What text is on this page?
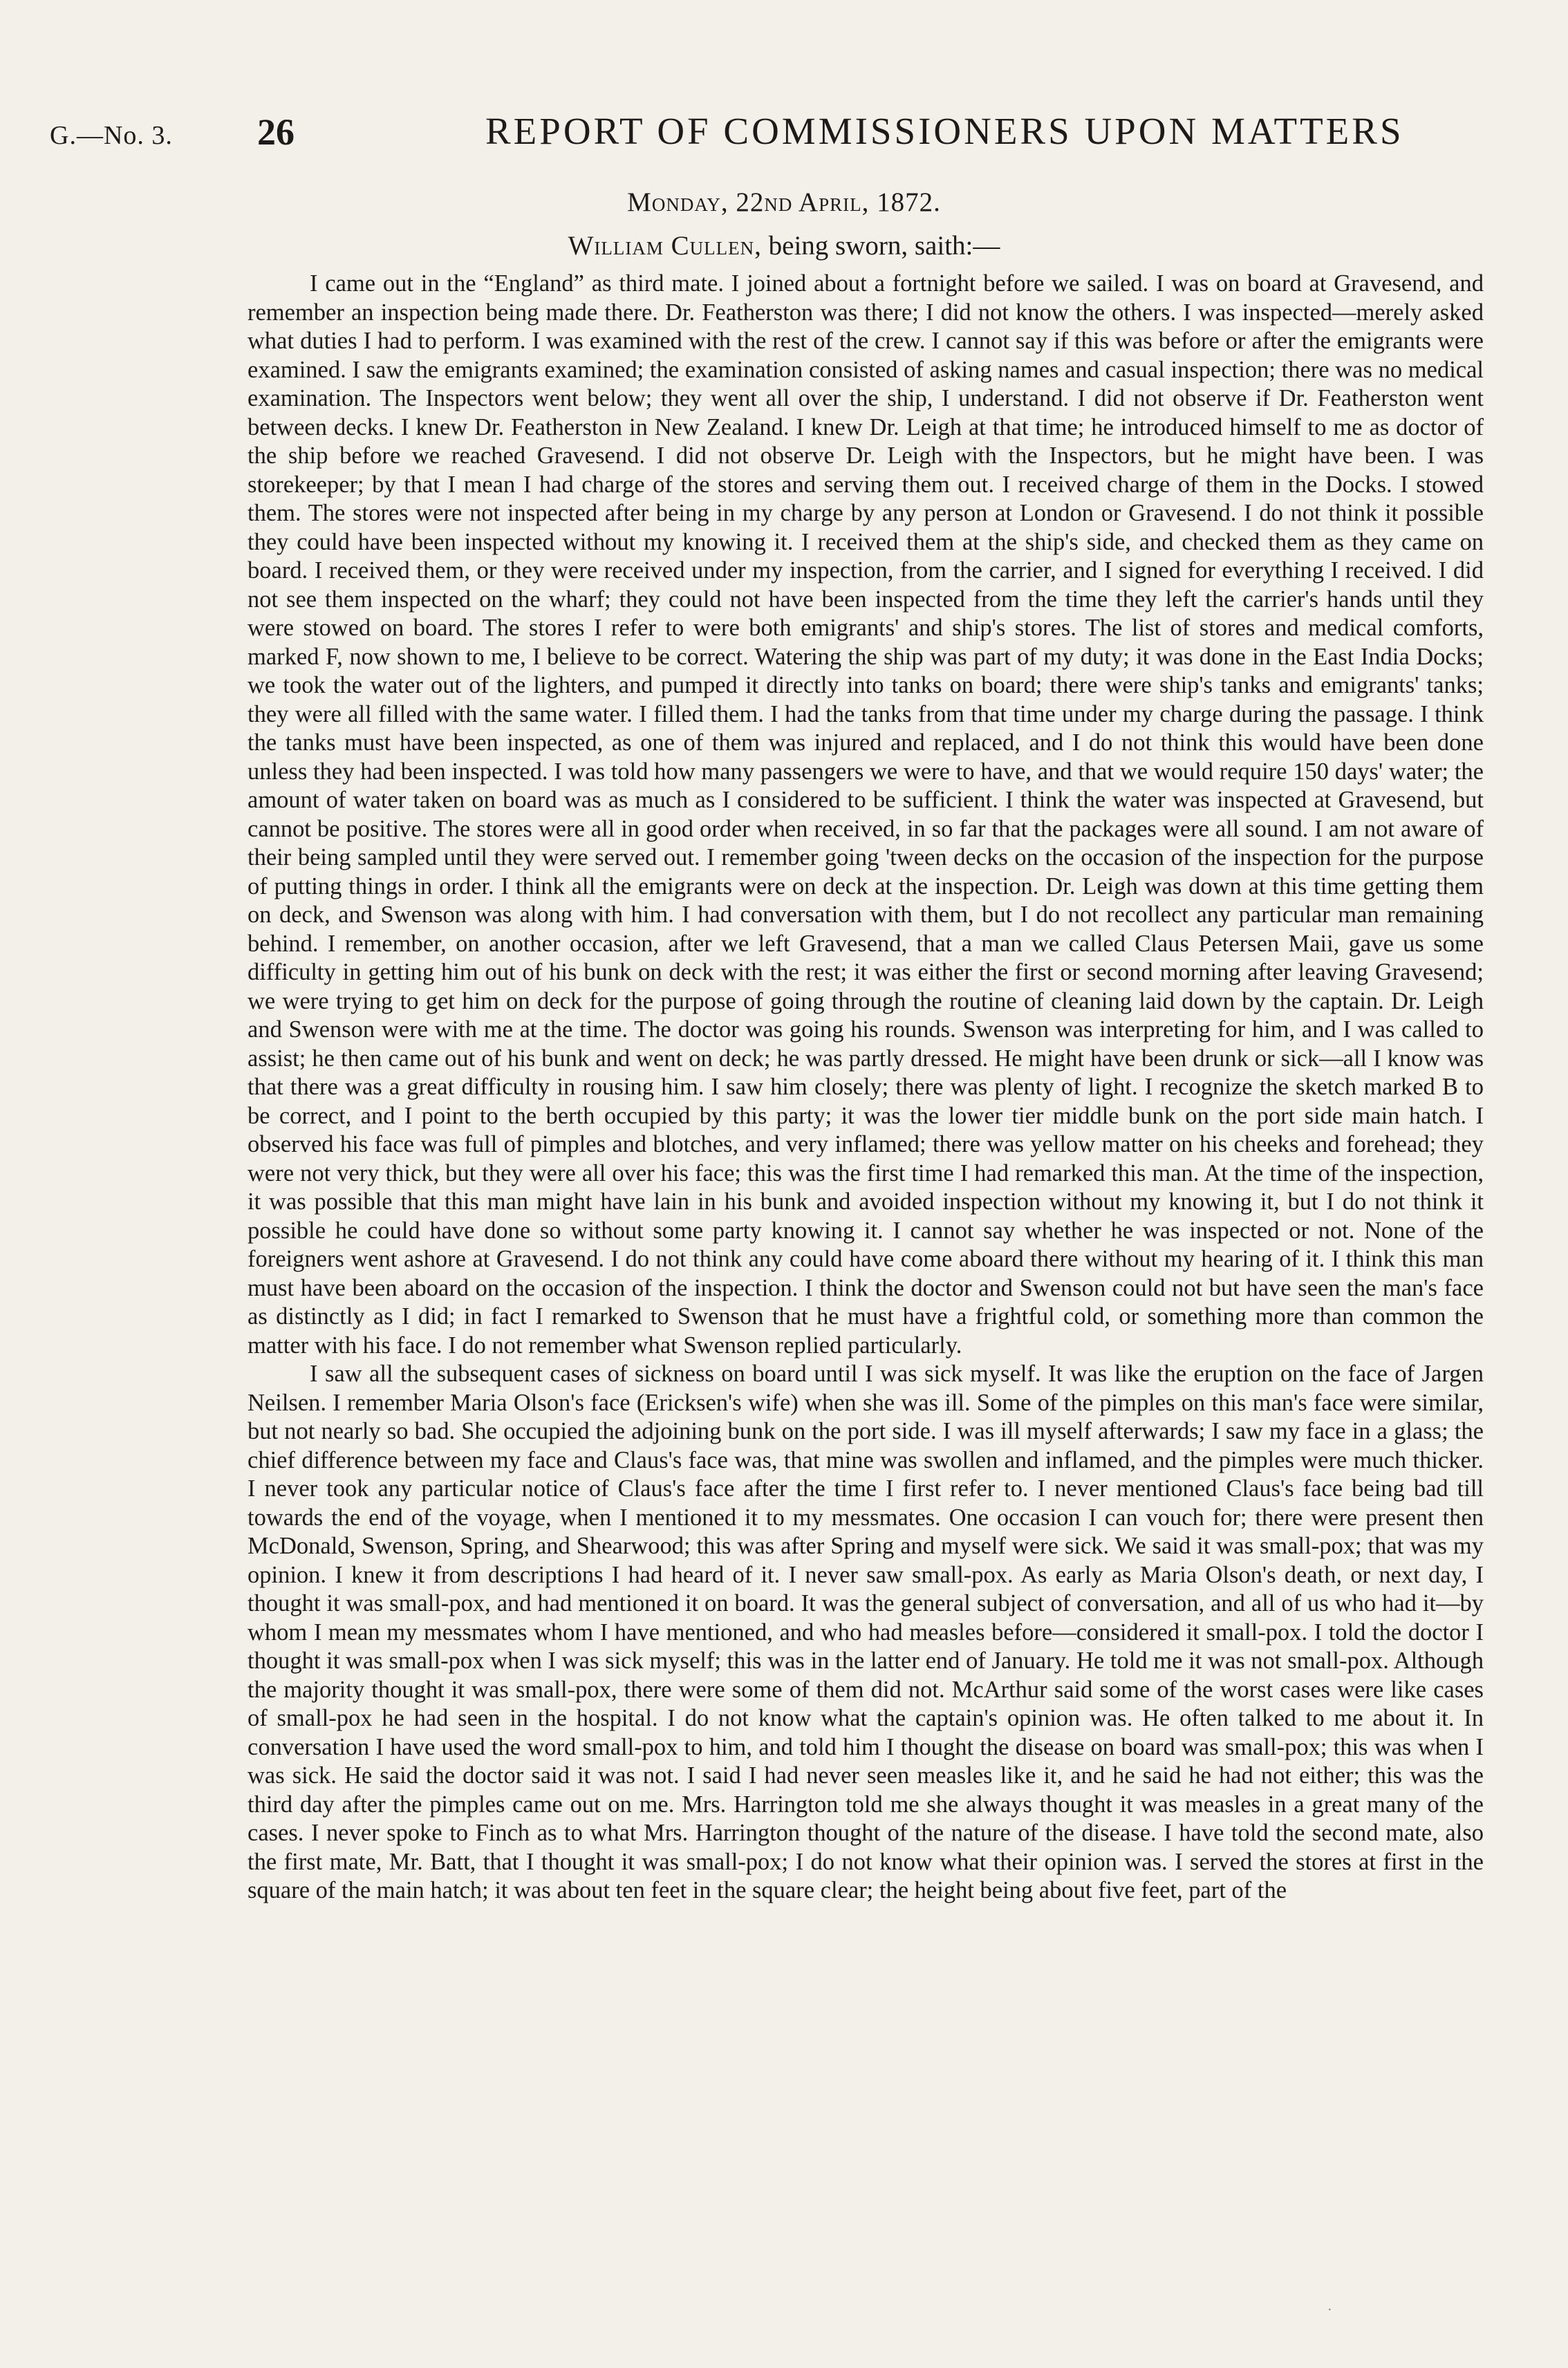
G.—No. 3. 26	REPORT OF COMMISSIONERS UPON MATTERS
Monday, 22nd April, 1872.
William Cullen, being sworn, saith:—

I came out in the “England” as third mate. I joined about a fortnight before we sailed. I was on board at Gravesend, and remember an inspection being made there. Dr. Featherston was there; I did not know the others. I was inspected—merely asked what duties I had to perform. I was examined with the rest of the crew. I cannot say if this was before or after the emigrants were examined. I saw the emigrants examined; the examination consisted of asking names and casual inspection; there was no medical examination. The Inspectors went below; they went all over the ship, I understand. I did not observe if Dr. Featherston went between decks. I knew Dr. Featherston in New Zealand. I knew Dr. Leigh at that time; he introduced himself to me as doctor of the ship before we reached Gravesend. I did not observe Dr. Leigh with the Inspectors, but he might have been. I was storekeeper; by that I mean I had charge of the stores and serving them out. I received charge of them in the Docks. I stowed them. The stores were not inspected after being in my charge by any person at London or Gravesend. I do not think it possible they could have been inspected without my knowing it. I received them at the ship's side, and checked them as they came on board. I received them, or they were received under my inspection, from the carrier, and I signed for everything I received. I did not see them inspected on the wharf; they could not have been inspected from the time they left the carrier's hands until they were stowed on board. The stores I refer to were both emigrants' and ship's stores. The list of stores and medical comforts, marked F, now shown to me, I believe to be correct. Watering the ship was part of my duty; it was done in the East India Docks; we took the water out of the lighters, and pumped it directly into tanks on board; there were ship's tanks and emigrants' tanks; they were all filled with the same water. I filled them. I had the tanks from that time under my charge during the passage. I think the tanks must have been inspected, as one of them was injured and replaced, and I do not think this would have been done unless they had been inspected. I was told how many passengers we were to have, and that we would require 150 days' water; the amount of water taken on board was as much as I considered to be sufficient. I think the water was inspected at Gravesend, but cannot be positive. The stores were all in good order when received, in so far that the packages were all sound. I am not aware of their being sampled until they were served out. I remember going 'tween decks on the occasion of the inspection for the purpose of putting things in order. I think all the emigrants were on deck at the inspection. Dr. Leigh was down at this time getting them on deck, and Swenson was along with him. I had conversation with them, but I do not recollect any particular man remaining behind. I remember, on another occasion, after we left Gravesend, that a man we called Claus Petersen Maii, gave us some difficulty in getting him out of his bunk on deck with the rest; it was either the first or second morning after leaving Gravesend; we were trying to get him on deck for the purpose of going through the routine of cleaning laid down by the captain. Dr. Leigh and Swenson were with me at the time. The doctor was going his rounds. Swenson was interpreting for him, and I was called to assist; he then came out of his bunk and went on deck; he was partly dressed. He might have been drunk or sick—all I know was that there was a great difficulty in rousing him. I saw him closely; there was plenty of light. I recognize the sketch marked B to be correct, and I point to the berth occupied by this party; it was the lower tier middle bunk on the port side main hatch. I observed his face was full of pimples and blotches, and very inflamed; there was yellow matter on his cheeks and forehead; they were not very thick, but they were all over his face; this was the first time I had remarked this man. At the time of the inspection, it was possible that this man might have lain in his bunk and avoided inspection without my knowing it, but I do not think it possible he could have done so without some party knowing it. I cannot say whether he was inspected or not. None of the foreigners went ashore at Gravesend. I do not think any could have come aboard there without my hearing of it. I think this man must have been aboard on the occasion of the inspection. I think the doctor and Swenson could not but have seen the man's face as distinctly as I did; in fact I remarked to Swenson that he must have a frightful cold, or something more than common the matter with his face. I do not remember what Swenson replied particularly.

I saw all the subsequent cases of sickness on board until I was sick myself. It was like the eruption on the face of Jargen Neilsen. I remember Maria Olson's face (Ericksen's wife) when she was ill. Some of the pimples on this man's face were similar, but not nearly so bad. She occupied the adjoining bunk on the port side. I was ill myself afterwards; I saw my face in a glass; the chief difference between my face and Claus's face was, that mine was swollen and inflamed, and the pimples were much thicker. I never took any particular notice of Claus's face after the time I first refer to. I never mentioned Claus's face being bad till towards the end of the voyage, when I mentioned it to my messmates. One occasion I can vouch for; there were present then McDonald, Swenson, Spring, and Shearwood; this was after Spring and myself were sick. We said it was small-pox; that was my opinion. I knew it from descriptions I had heard of it. I never saw small-pox. As early as Maria Olson's death, or next day, I thought it was small-pox, and had mentioned it on board. It was the general subject of conversation, and all of us who had it—by whom I mean my messmates whom I have mentioned, and who had measles before—considered it small-pox. I told the doctor I thought it was small-pox when I was sick myself; this was in the latter end of January. He told me it was not small-pox. Although the majority thought it was small-pox, there were some of them did not. McArthur said some of the worst cases were like cases of small-pox he had seen in the hospital. I do not know what the captain's opinion was. He often talked to me about it. In conversation I have used the word small-pox to him, and told him I thought the disease on board was small-pox; this was when I was sick. He said the doctor said it was not. I said I had never seen measles like it, and he said he had not either; this was the third day after the pimples came out on me. Mrs. Harrington told me she always thought it was measles in a great many of the cases. I never spoke to Finch as to what Mrs. Harrington thought of the nature of the disease. I have told the second mate, also the first mate, Mr. Batt, that I thought it was small-pox; I do not know what their opinion was. I served the stores at first in the square of the main hatch; it was about ten feet in the square clear; the height being about five feet, part of the

·
